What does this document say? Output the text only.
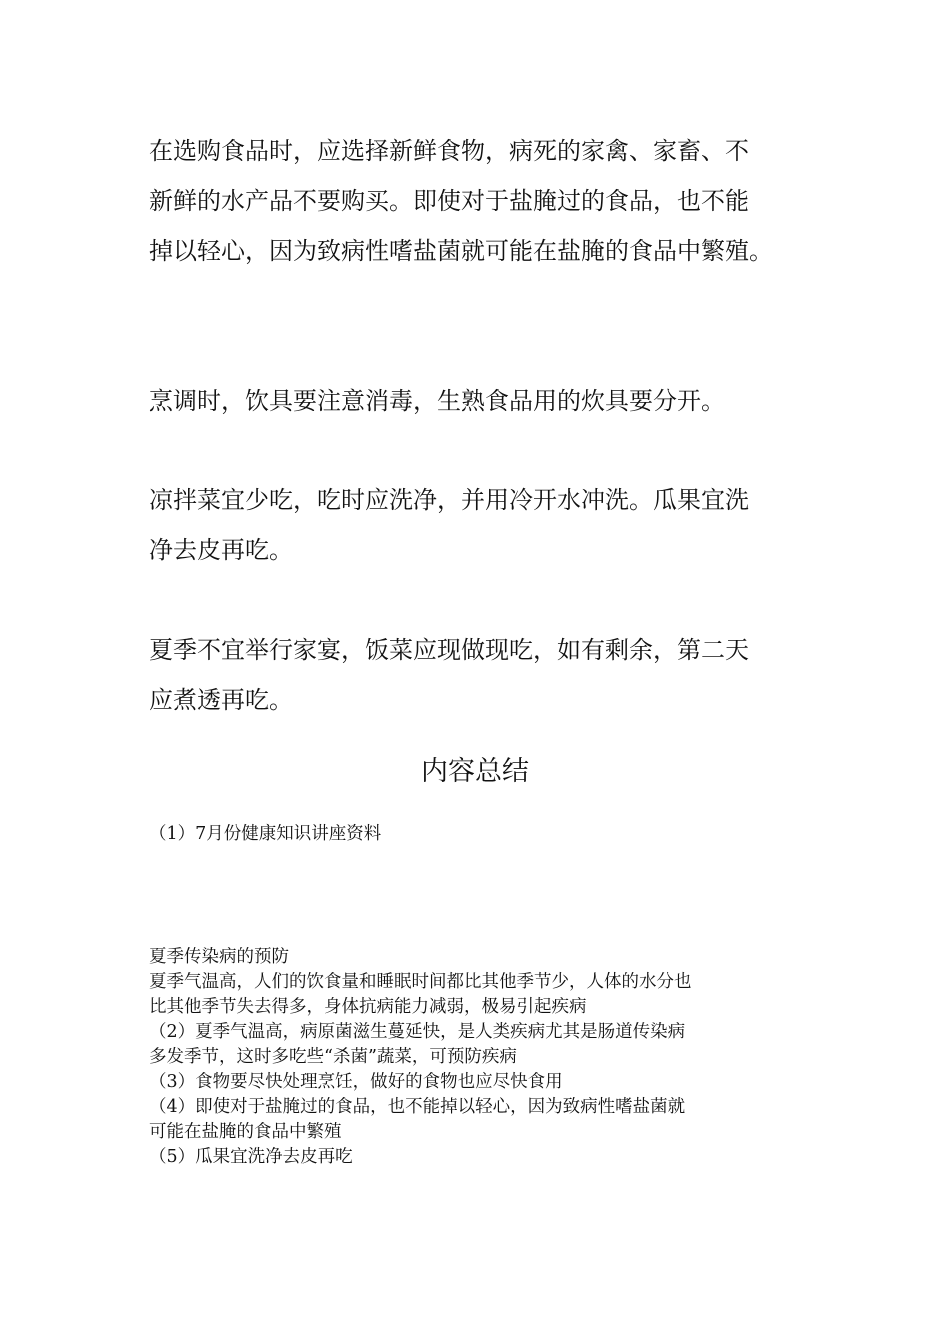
在选购食品时，应选择新鲜食物，病死的家禽、家畜、不
新鲜的水产品不要购买。即使对于盐腌过的食品，也不能
掉以轻心，因为致病性嗜盐菌就可能在盐腌的食品中繁殖。

烹调时，饮具要注意消毒，生熟食品用的炊具要分开。

凉拌菜宜少吃，吃时应洗净，并用冷开水冲洗。瓜果宜洗
净去皮再吃。

夏季不宜举行家宴，饭菜应现做现吃，如有剩余，第二天
应煮透再吃。

内容总结

（1）7月份健康知识讲座资料

夏季传染病的预防
夏季气温高，人们的饮食量和睡眠时间都比其他季节少，人体的水分也
比其他季节失去得多，身体抗病能力减弱，极易引起疾病
（2）夏季气温高，病原菌滋生蔓延快，是人类疾病尤其是肠道传染病
多发季节，这时多吃些“杀菌”蔬菜，可预防疾病
（3）食物要尽快处理烹饪，做好的食物也应尽快食用
（4）即使对于盐腌过的食品，也不能掉以轻心，因为致病性嗜盐菌就
可能在盐腌的食品中繁殖
（5）瓜果宜洗净去皮再吃
